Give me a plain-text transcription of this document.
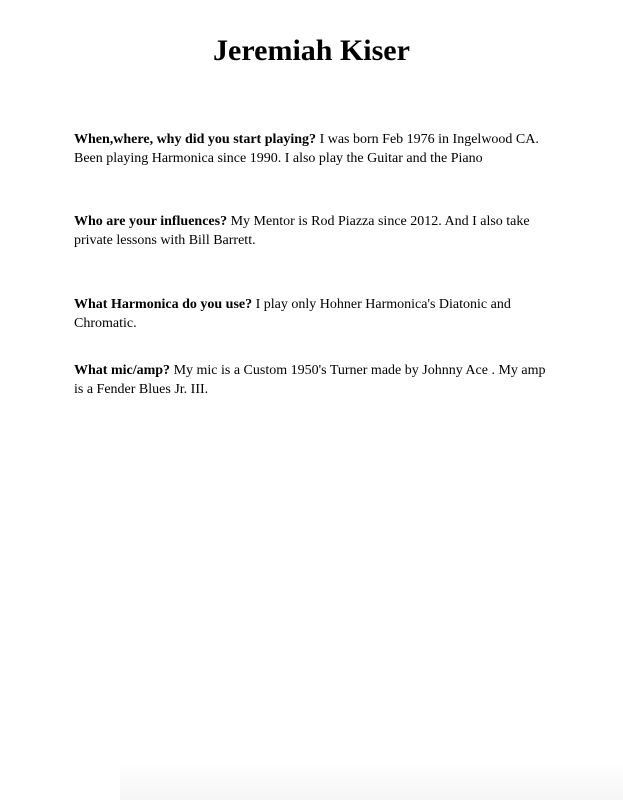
Jeremiah Kiser

When,where, why did you start playing? I was born Feb 1976 in Ingelwood CA. Been playing Harmonica since 1990. I also play the Guitar and the Piano

Who are your influences? My Mentor is Rod Piazza since 2012. And I also take private lessons with Bill Barrett.

What Harmonica do you use? I play only Hohner Harmonica's Diatonic and Chromatic.

What mic/amp? My mic is a Custom 1950's Turner made by Johnny Ace . My amp is a Fender Blues Jr. III.
